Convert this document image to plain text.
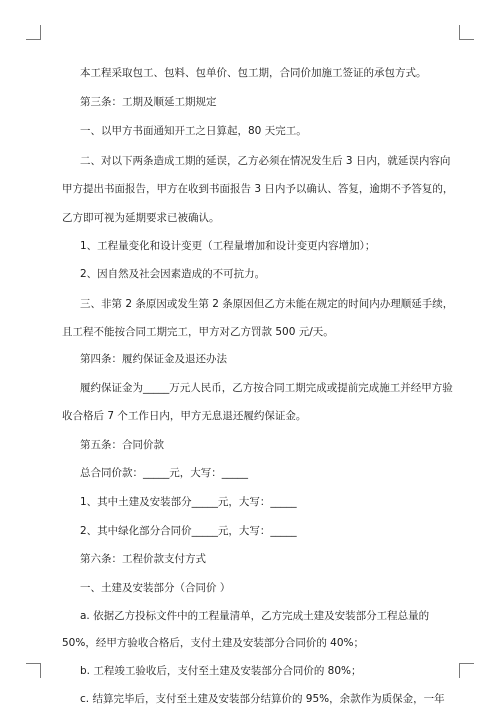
本工程采取包工、包料、包单价、包工期，合同价加施工签证的承包方式。
第三条：工期及顺延工期规定
一、以甲方书面通知开工之日算起，80 天完工。
二、对以下两条造成工期的延误，乙方必须在情况发生后 3 日内，就延误内容向
甲方提出书面报告，甲方在收到书面报告 3 日内予以确认、答复，逾期不予答复的，
乙方即可视为延期要求已被确认。
1、工程量变化和设计变更（工程量增加和设计变更内容增加）；
2、因自然及社会因素造成的不可抗力。
三、非第 2 条原因或发生第 2 条原因但乙方未能在规定的时间内办理顺延手续，
且工程不能按合同工期完工，甲方对乙方罚款 500 元/天。
第四条：履约保证金及退还办法
履约保证金为_____万元人民币，乙方按合同工期完成或提前完成施工并经甲方验
收合格后 7 个工作日内，甲方无息退还履约保证金。
第五条：合同价款
总合同价款：_____元，大写：_____
1、其中土建及安装部分_____元，大写：_____
2、其中绿化部分合同价_____元，大写：_____
第六条：工程价款支付方式
一、土建及安装部分（合同价 ）
a. 依据乙方投标文件中的工程量清单，乙方完成土建及安装部分工程总量的
50%，经甲方验收合格后，支付土建及安装部分合同价的 40%；
b. 工程竣工验收后，支付至土建及安装部分合同价的 80%；
c. 结算完毕后，支付至土建及安装部分结算价的 95%，余款作为质保金，一年
